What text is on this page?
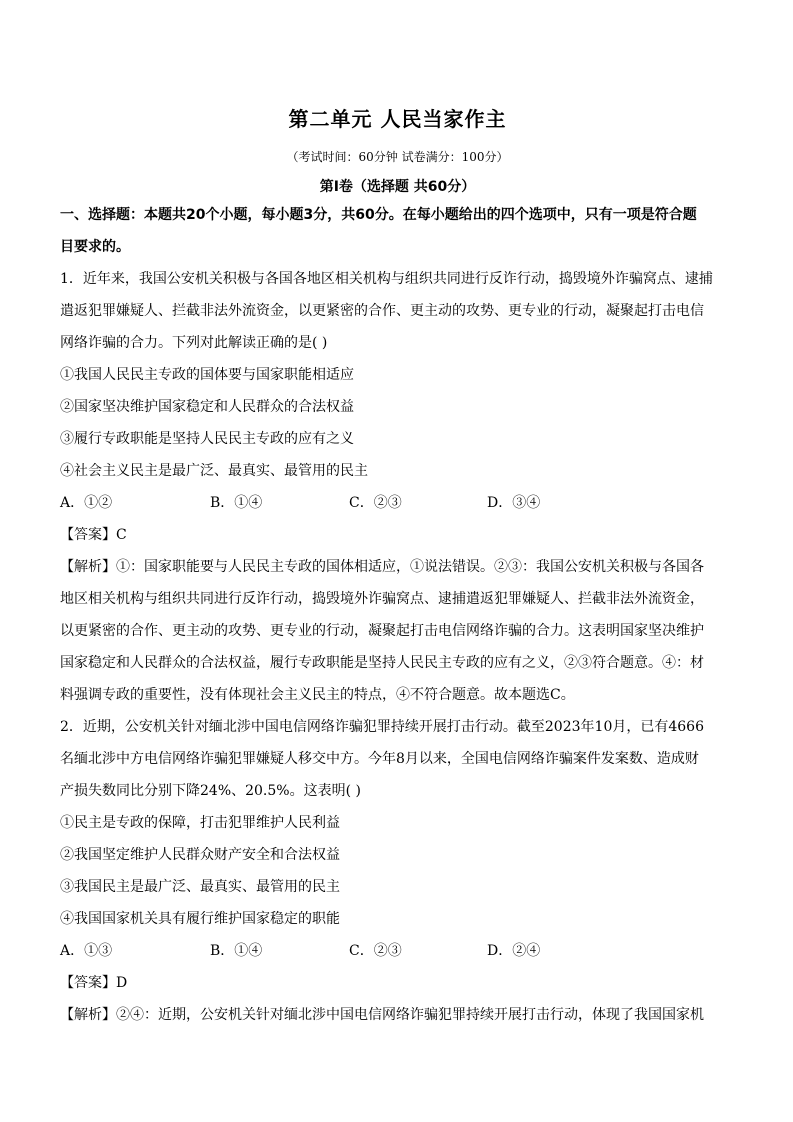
第二单元 人民当家作主
（考试时间：60分钟 试卷满分：100分）
第Ⅰ卷（选择题 共60分）
一、选择题：本题共20个小题，每小题3分，共60分。在每小题给出的四个选项中，只有一项是符合题
目要求的。
1．近年来，我国公安机关积极与各国各地区相关机构与组织共同进行反诈行动，捣毁境外诈骗窝点、逮捕
遣返犯罪嫌疑人、拦截非法外流资金，以更紧密的合作、更主动的攻势、更专业的行动，凝聚起打击电信
网络诈骗的合力。下列对此解读正确的是( )
①我国人民民主专政的国体要与国家职能相适应
②国家坚决维护国家稳定和人民群众的合法权益
③履行专政职能是坚持人民民主专政的应有之义
④社会主义民主是最广泛、最真实、最管用的民主
A．①②	B．①④	C．②③	D．③④
【答案】C
【解析】①：国家职能要与人民民主专政的国体相适应，①说法错误。②③：我国公安机关积极与各国各
地区相关机构与组织共同进行反诈行动，捣毁境外诈骗窝点、逮捕遣返犯罪嫌疑人、拦截非法外流资金，
以更紧密的合作、更主动的攻势、更专业的行动，凝聚起打击电信网络诈骗的合力。这表明国家坚决维护
国家稳定和人民群众的合法权益，履行专政职能是坚持人民民主专政的应有之义，②③符合题意。④：材
料强调专政的重要性，没有体现社会主义民主的特点，④不符合题意。故本题选C。
2．近期，公安机关针对缅北涉中国电信网络诈骗犯罪持续开展打击行动。截至2023年10月，已有4666
名缅北涉中方电信网络诈骗犯罪嫌疑人移交中方。今年8月以来，全国电信网络诈骗案件发案数、造成财
产损失数同比分别下降24%、20.5%。这表明( )
①民主是专政的保障，打击犯罪维护人民利益
②我国坚定维护人民群众财产安全和合法权益
③我国民主是最广泛、最真实、最管用的民主
④我国国家机关具有履行维护国家稳定的职能
A．①③	B．①④	C．②③	D．②④
【答案】D
【解析】②④：近期，公安机关针对缅北涉中国电信网络诈骗犯罪持续开展打击行动，体现了我国国家机
